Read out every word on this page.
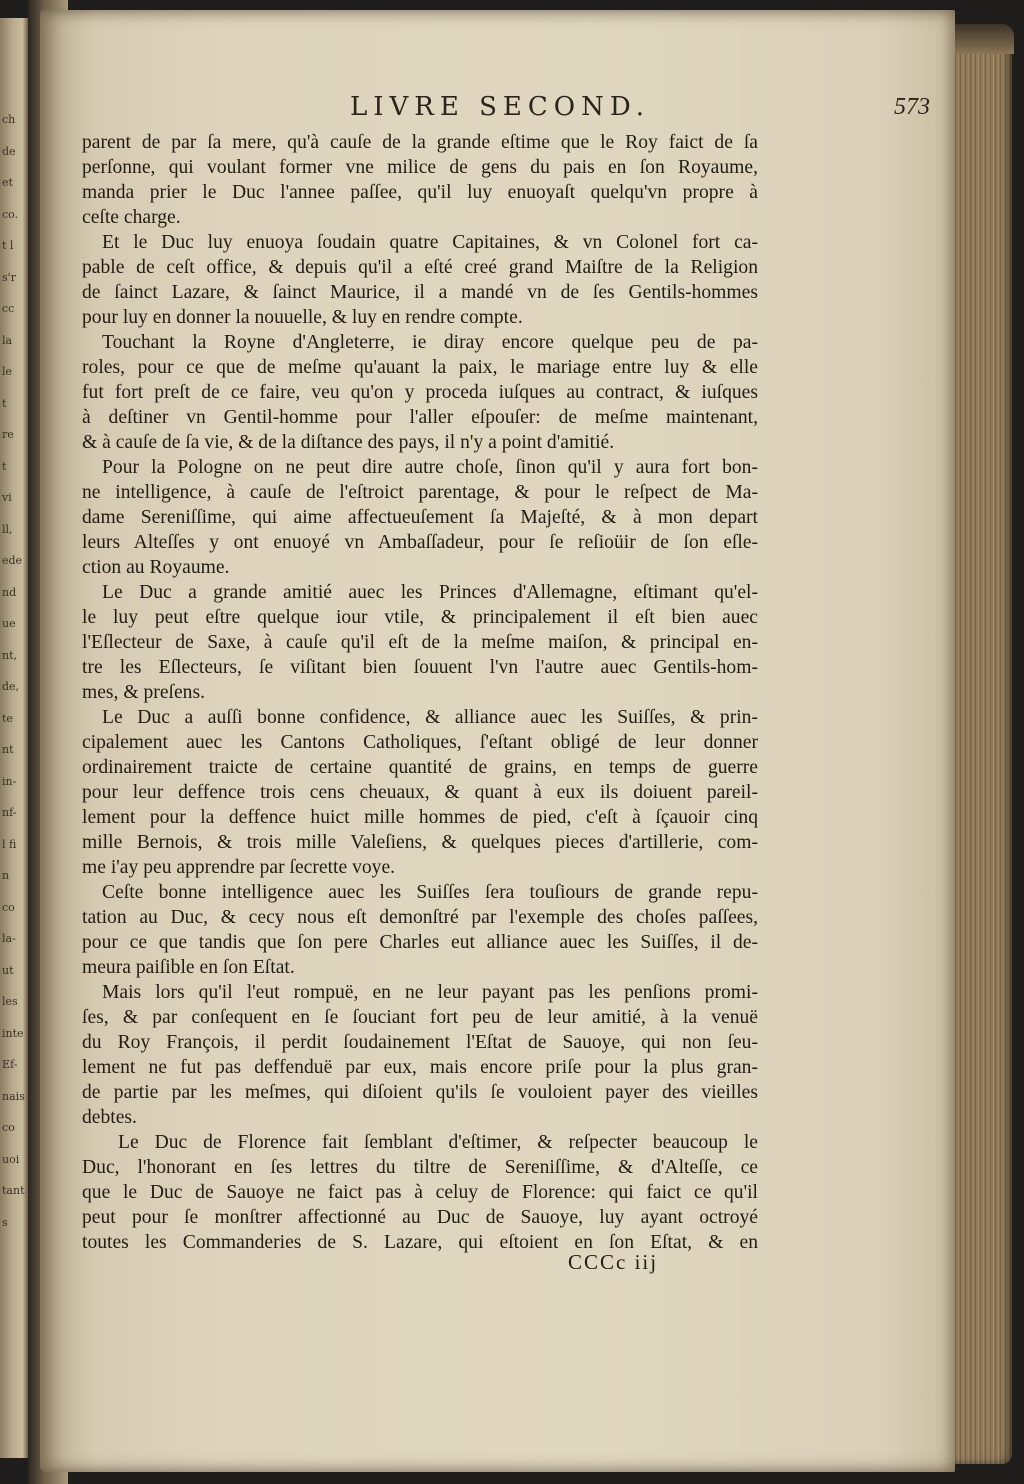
ch
de
et
co.
t l
s'r
cc
la
le
t
re
t
vi
ll,
ede
nd
ue
nt,
de,
te
nt
in-
nf-
l fi
n
co
la-
ut
les
inte
Ef-
nais
co
uoi
tant
s
LIVRE SECOND.	573
parent de par ſa mere, qu'à cauſe de la grande eſtime que le Roy faict de ſa
perſonne, qui voulant former vne milice de gens du pais en ſon Royaume,
manda prier le Duc l'annee paſſee, qu'il luy enuoyaſt quelqu'vn propre à
ceſte charge.
Et le Duc luy enuoya ſoudain quatre Capitaines, & vn Colonel fort ca-
pable de ceſt office, & depuis qu'il a eſté creé grand Maiſtre de la Religion
de ſainct Lazare, & ſainct Maurice, il a mandé vn de ſes Gentils-hommes
pour luy en donner la nouuelle, & luy en rendre compte.
Touchant la Royne d'Angleterre, ie diray encore quelque peu de pa-
roles, pour ce que de meſme qu'auant la paix, le mariage entre luy & elle
fut fort preſt de ce faire, veu qu'on y proceda iuſques au contract, & iuſques
à deſtiner vn Gentil-homme pour l'aller eſpouſer: de meſme maintenant,
& à cauſe de ſa vie, & de la diſtance des pays, il n'y a point d'amitié.
Pour la Pologne on ne peut dire autre choſe, ſinon qu'il y aura fort bon-
ne intelligence, à cauſe de l'eſtroict parentage, & pour le reſpect de Ma-
dame Sereniſſime, qui aime affectueuſement ſa Majeſté, & à mon depart
leurs Alteſſes y ont enuoyé vn Ambaſſadeur, pour ſe reſioüir de ſon eſle-
ction au Royaume.
Le Duc a grande amitié auec les Princes d'Allemagne, eſtimant qu'el-
le luy peut eſtre quelque iour vtile, & principalement il eſt bien auec
l'Eſlecteur de Saxe, à cauſe qu'il eſt de la meſme maiſon, & principal en-
tre les Eſlecteurs, ſe viſitant bien ſouuent l'vn l'autre auec Gentils-hom-
mes, & preſens.
Le Duc a auſſi bonne confidence, & alliance auec les Suiſſes, & prin-
cipalement auec les Cantons Catholiques, ſ'eſtant obligé de leur donner
ordinairement traicte de certaine quantité de grains, en temps de guerre
pour leur deffence trois cens cheuaux, & quant à eux ils doiuent pareil-
lement pour la deffence huict mille hommes de pied, c'eſt à ſçauoir cinq
mille Bernois, & trois mille Valeſiens, & quelques pieces d'artillerie, com-
me i'ay peu apprendre par ſecrette voye.
Ceſte bonne intelligence auec les Suiſſes ſera touſiours de grande repu-
tation au Duc, & cecy nous eſt demonſtré par l'exemple des choſes paſſees,
pour ce que tandis que ſon pere Charles eut alliance auec les Suiſſes, il de-
meura paiſible en ſon Eſtat.
Mais lors qu'il l'eut rompuë, en ne leur payant pas les penſions promi-
ſes, & par conſequent en ſe ſouciant fort peu de leur amitié, à la venuë
du Roy François, il perdit ſoudainement l'Eſtat de Sauoye, qui non ſeu-
lement ne fut pas deffenduë par eux, mais encore priſe pour la plus gran-
de partie par les meſmes, qui diſoient qu'ils ſe vouloient payer des vieilles
debtes.
Le Duc de Florence fait ſemblant d'eſtimer, & reſpecter beaucoup le
Duc, l'honorant en ſes lettres du tiltre de Sereniſſime, & d'Alteſſe, ce
que le Duc de Sauoye ne faict pas à celuy de Florence: qui faict ce qu'il
peut pour ſe monſtrer affectionné au Duc de Sauoye, luy ayant octroyé
toutes les Commanderies de S. Lazare, qui eſtoient en ſon Eſtat, & en
CCCc iij
